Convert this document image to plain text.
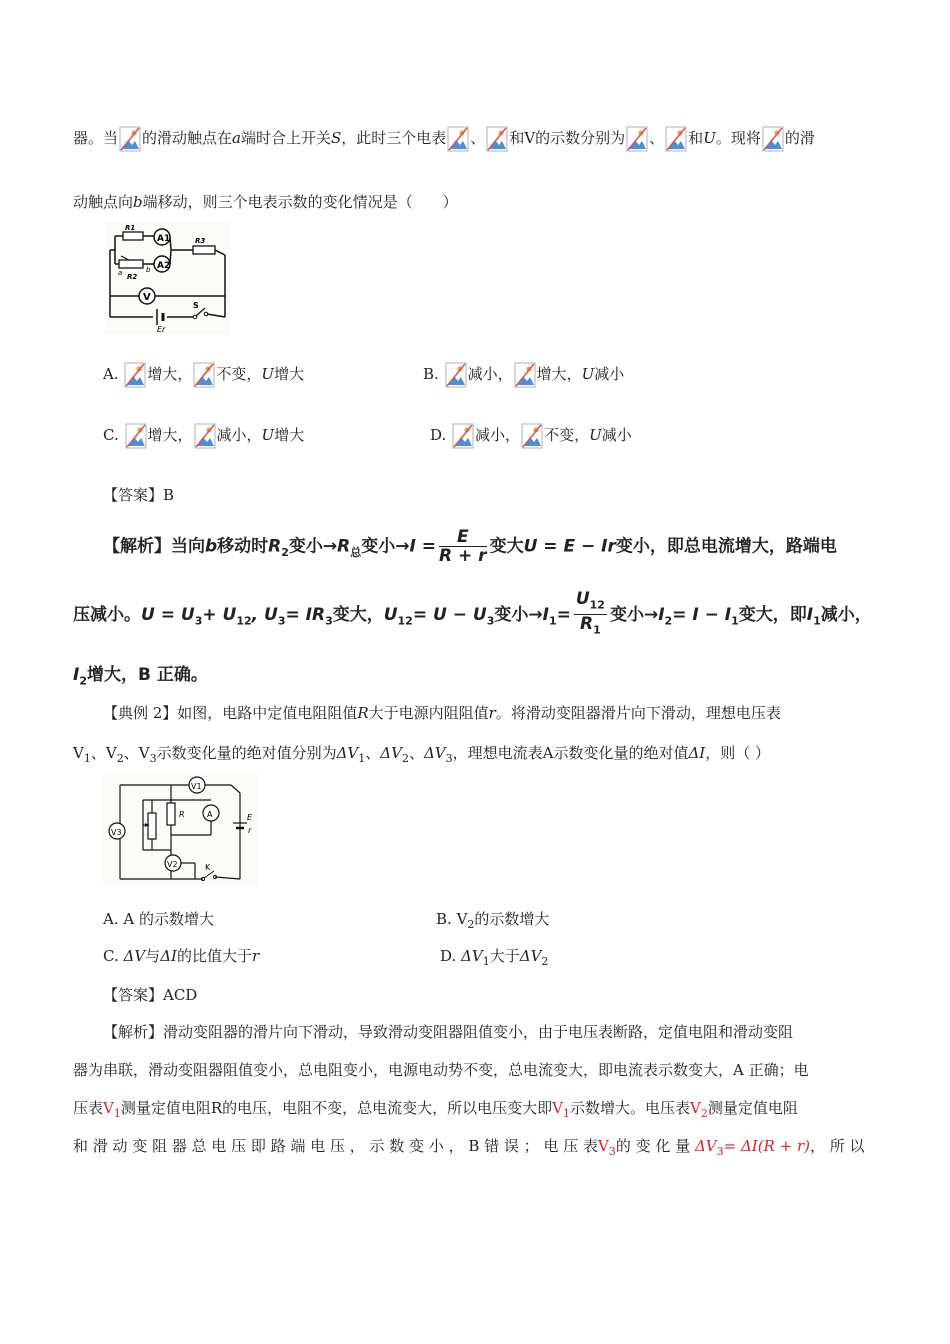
器。当 的滑动触点在a端时合上开关S，此时三个电表 、 和V的示数分别为 、 和U。现将 的滑
动触点向b端移动，则三个电表示数的变化情况是（　　）
Er
S
V
R1
A1
a	b
R2
A2
R3
A. 增大， 不变，U增大	B. 减小， 增大，U减小
C. 增大， 减小，U增大	D. 减小， 不变，U减小
【答案】B
【解析】当向b移动时$R_2$变小$\to R_总$变小$\to I = \frac{E}{R + r}$ 变大U = E − Ir变小，即总电流增大，路端电
压减小。$U = U_3+ U_{12}$, $U_3= IR_3$变大，$U_{12}= U - U_3$变小$\to I_1= \frac{U_{12}}{R_1}$ 变小$\to I_2= I - I_1$变大，即$I_1$减小，
$I_2$增大，B 正确。
【典例 2】如图，电路中定值电阻阻值R大于电源内阻阻值r。将滑动变阻器滑片向下滑动，理想电压表
$V_1$、$V_2$、$V_3$示数变化量的绝对值分别为$\Delta V_1$、$\Delta V_2$、$\Delta V_3$，理想电流表A示数变化量的绝对值ΔI，则（ ）
V3
V1
R	A	E
r
V2	K
A. A 的示数增大	B. $V_2$的示数增大
C. ΔV与ΔI的比值大于r	D. $\Delta V_1$大于$\Delta V_2$
【答案】ACD
【解析】滑动变阻器的滑片向下滑动，导致滑动变阻器阻值变小，由于电压表断路，定值电阻和滑动变阻
器为串联，滑动变阻器阻值变小，总电阻变小，电源电动势不变，总电流变大，即电流表示数变大，A 正确；电
压表$V_1$测量定值电阻R的电压，电阻不变，总电流变大，所以电压变大即$V_1$示数增大。电压表$V_2$测量定值电阻
和 滑 动 变 阻 器 总 电 压 即 路 端 电 压 ， 示 数 变 小 ， B 错 误 ； 电 压 表$V_3$的 变 化 量 $\Delta V_3= \Delta I(R + r)$， 所 以
